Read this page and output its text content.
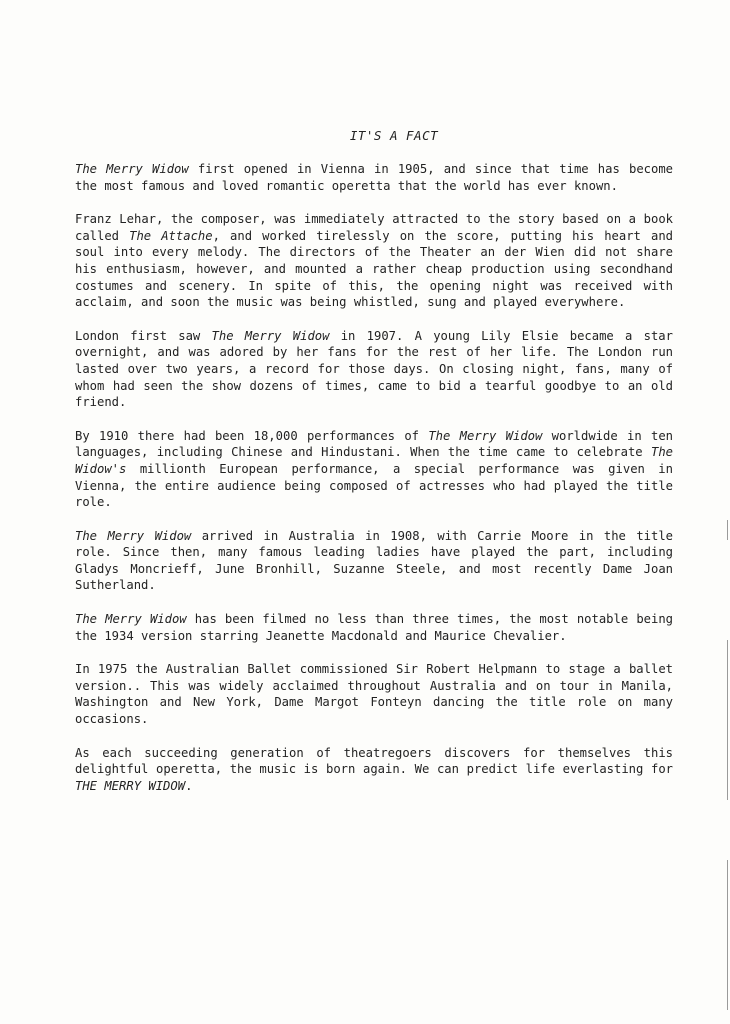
IT'S A FACT

The Merry Widow first opened in Vienna in 1905, and since that time has become the most famous and loved romantic operetta that the world has ever known.

Franz Lehar, the composer, was immediately attracted to the story based on a book called The Attache, and worked tirelessly on the score, putting his heart and soul into every melody. The directors of the Theater an der Wien did not share his enthusiasm, however, and mounted a rather cheap production using secondhand costumes and scenery. In spite of this, the opening night was received with acclaim, and soon the music was being whistled, sung and played everywhere.

London first saw The Merry Widow in 1907. A young Lily Elsie became a star overnight, and was adored by her fans for the rest of her life. The London run lasted over two years, a record for those days. On closing night, fans, many of whom had seen the show dozens of times, came to bid a tearful goodbye to an old friend.

By 1910 there had been 18,000 performances of The Merry Widow worldwide in ten languages, including Chinese and Hindustani. When the time came to celebrate The Widow's millionth European performance, a special performance was given in Vienna, the entire audience being composed of actresses who had played the title role.

The Merry Widow arrived in Australia in 1908, with Carrie Moore in the title role. Since then, many famous leading ladies have played the part, including Gladys Moncrieff, June Bronhill, Suzanne Steele, and most recently Dame Joan Sutherland.

The Merry Widow has been filmed no less than three times, the most notable being the 1934 version starring Jeanette Macdonald and Maurice Chevalier.

In 1975 the Australian Ballet commissioned Sir Robert Helpmann to stage a ballet version.. This was widely acclaimed throughout Australia and on tour in Manila, Washington and New York, Dame Margot Fonteyn dancing the title role on many occasions.

As each succeeding generation of theatregoers discovers for themselves this delightful operetta, the music is born again. We can predict life everlasting for THE MERRY WIDOW.
